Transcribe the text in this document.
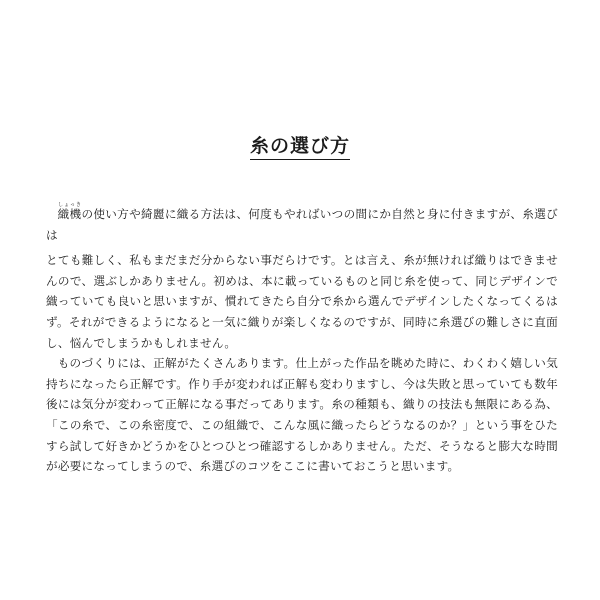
糸の選び方

織機しょっきの使い方や綺麗に織る方法は、何度もやればいつの間にか自然と身に付きますが、糸選びは
とても難しく、私もまだまだ分からない事だらけです。とは言え、糸が無ければ織りはできませんので、選ぶしかありません。初めは、本に載っているものと同じ糸を使って、同じデザインで織っていても良いと思いますが、慣れてきたら自分で糸から選んでデザインしたくなってくるはず。それができるようになると一気に織りが楽しくなるのですが、同時に糸選びの難しさに直面し、悩んでしまうかもしれません。

ものづくりには、正解がたくさんあります。仕上がった作品を眺めた時に、わくわく嬉しい気持ちになったら正解です。作り手が変われば正解も変わりますし、今は失敗と思っていても数年後には気分が変わって正解になる事だってあります。糸の種類も、織りの技法も無限にある為、「この糸で、この糸密度で、この組織で、こんな風に織ったらどうなるのか？」という事をひたすら試して好きかどうかをひとつひとつ確認するしかありません。ただ、そうなると膨大な時間が必要になってしまうので、糸選びのコツをここに書いておこうと思います。
